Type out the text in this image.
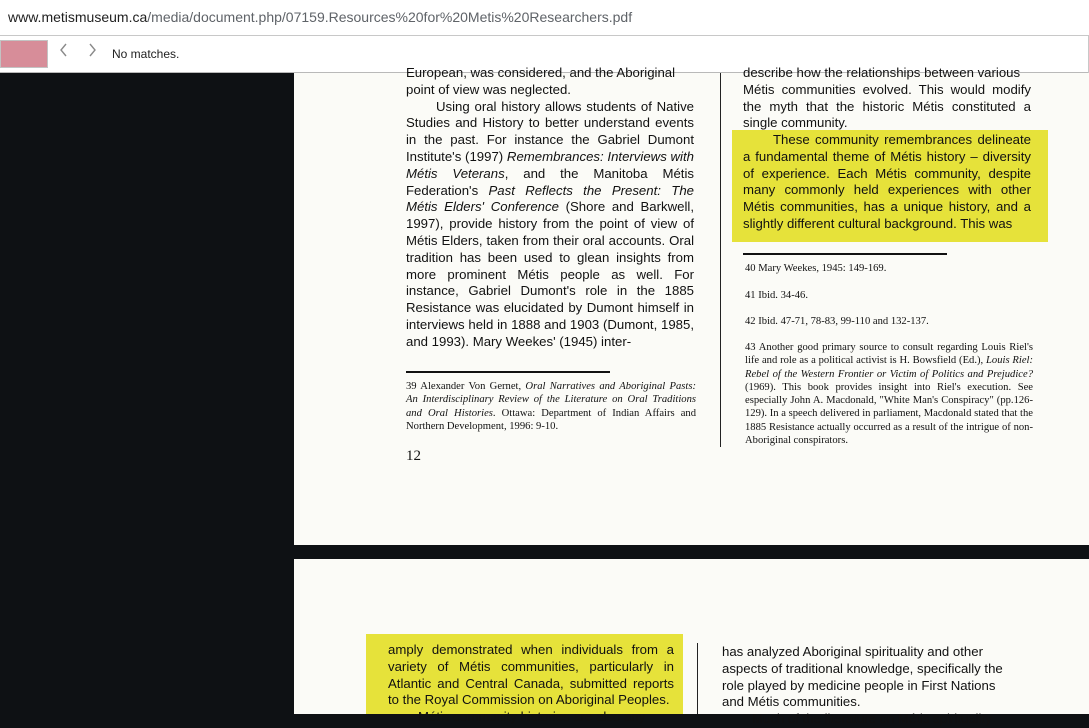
www.metismuseum.ca/media/document.php/07159.Resources%20for%20Metis%20Researchers.pdf
No matches.

European, was considered, and the Aboriginal

point of view was neglected.

Using oral history allows students of Native Studies and History to better understand events in the past. For instance the Gabriel Dumont Institute's (1997) Remembrances: Interviews with Métis Veterans, and the Manitoba Métis Federation's Past Reflects the Present: The Métis Elders' Conference (Shore and Barkwell, 1997), provide history from the point of view of Métis Elders, taken from their oral accounts. Oral tradition has been used to glean insights from more prominent Métis people as well. For instance, Gabriel Dumont's role in the 1885 Resistance was elucidated by Dumont himself in interviews held in 1888 and 1903 (Dumont, 1985, and 1993). Mary Weekes' (1945) inter-

39 Alexander Von Gernet, Oral Narratives and Aboriginal Pasts: An Interdisciplinary Review of the Literature on Oral Traditions and Oral Histories. Ottawa: Department of Indian Affairs and Northern Development, 1996: 9-10.
12

describe how the relationships between various

Métis communities evolved. This would modify the myth that the historic Métis constituted a single community.

These community remembrances delineate a fundamental theme of Métis history – diversity of experience. Each Métis community, despite many commonly held experiences with other Métis communities, has a unique history, and a slightly different cultural background. This was

40 Mary Weekes, 1945: 149-169.
41 Ibid. 34-46.
42 Ibid. 47-71, 78-83, 99-110 and 132-137.
43 Another good primary source to consult regarding Louis Riel's life and role as a political activist is H. Bowsfield (Ed.), Louis Riel: Rebel of the Western Frontier or Victim of Politics and Prejudice? (1969). This book provides insight into Riel's execution. See especially John A. Macdonald, "White Man's Conspiracy" (pp.126-129). In a speech delivered in parliament, Macdonald stated that the 1885 Resistance actually occurred as a result of the intrigue of non-Aboriginal conspirators.

amply demonstrated when individuals from a variety of Métis communities, particularly in Atlantic and Central Canada, submitted reports to the Royal Commission on Aboriginal Peoples.

Métis community histories are also any

has analyzed Aboriginal spirituality and other aspects of traditional knowledge, specifically the role played by medicine people in First Nations and Métis communities.

Much of the literature on Métis spirituality
